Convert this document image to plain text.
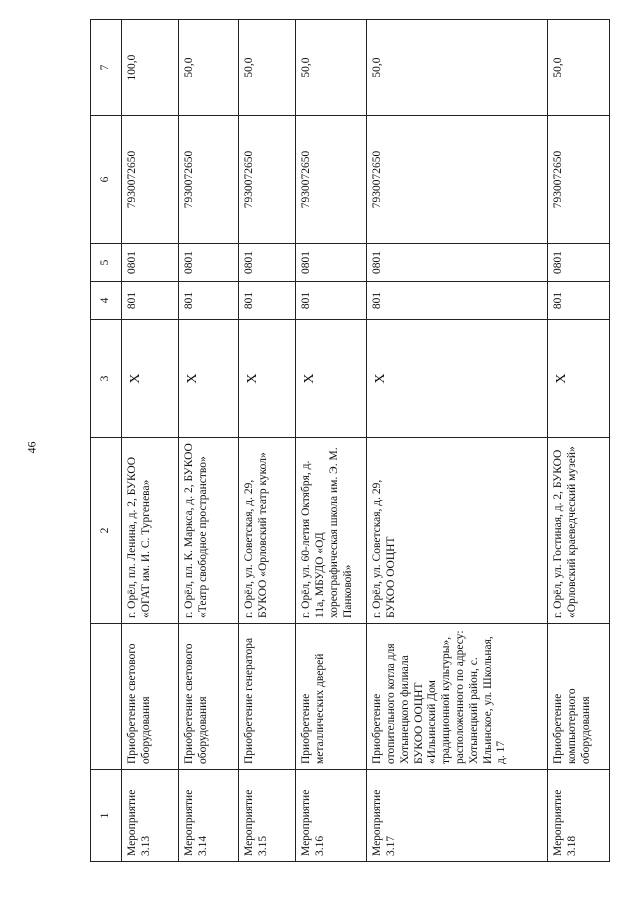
46
1		2	3	4	5	6	7
Мероприятие 3.13	Приобретение светового оборудования	г. Орёл, пл. Ленина, д. 2, БУКОО «ОГАТ им. И. С. Тургенева»	Х	801	0801	7930072650	100,0
Мероприятие 3.14	Приобретение светового оборудования	г. Орёл, пл. К. Маркса, д. 2, БУКОО «Театр свободное пространство»	Х	801	0801	7930072650	50,0
Мероприятие 3.15	Приобретение генератора	г. Орёл, ул. Советская, д. 29, БУКОО «Орловский театр кукол»	Х	801	0801	7930072650	50,0
Мероприятие 3.16	Приобретение металлических дверей	г. Орёл, ул. 60-летия Октября, д. 11а, МБУДО «ОД хореографическая школа им. Э. М. Панковой»	Х	801	0801	7930072650	50,0
Мероприятие 3.17	Приобретение отопительного котла для Хотынецкого филиала БУКОО ООЦНТ «Ильинский Дом традиционной культуры», расположенного по адресу: Хотынецкий район, с. Ильинское, ул. Школьная, д. 17	г. Орёл, ул. Советская, д. 29, БУКОО ООЦНТ	Х	801	0801	7930072650	50,0
Мероприятие 3.18	Приобретение компьютерного оборудования	г. Орёл, ул. Гостиная, д. 2, БУКОО «Орловский краеведческий музей»	Х	801	0801	7930072650	50,0
